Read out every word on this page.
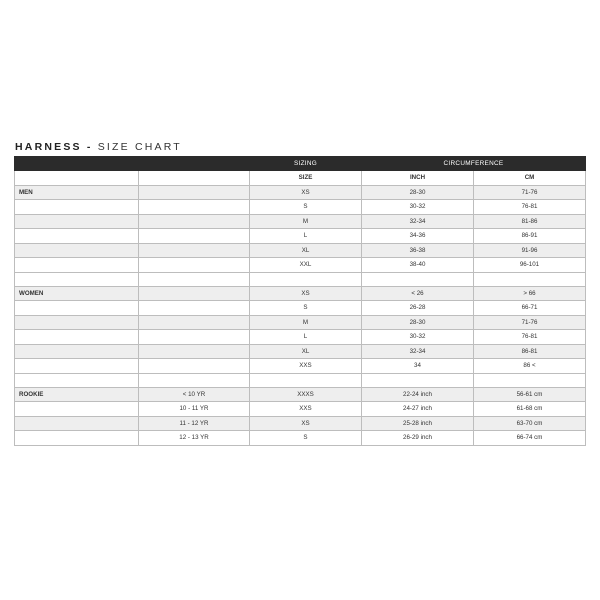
HARNESS - SIZE CHART
		SIZING	CIRCUMFERENCE	
		SIZE	INCH	CM
MEN		XS	28-30	71-76
		S	30-32	76-81
		M	32-34	81-86
		L	34-36	86-91
		XL	36-38	91-96
		XXL	38-40	96-101

WOMEN		XS	< 26	> 66
		S	26-28	66-71
		M	28-30	71-76
		L	30-32	76-81
		XL	32-34	86-81
		XXS	34	86 <

ROOKIE	< 10 YR	XXXS	22-24 inch	56-61 cm
	10 - 11 YR	XXS	24-27 inch	61-68 cm
	11 - 12 YR	XS	25-28 inch	63-70 cm
	12 - 13 YR	S	26-29 inch	66-74 cm
